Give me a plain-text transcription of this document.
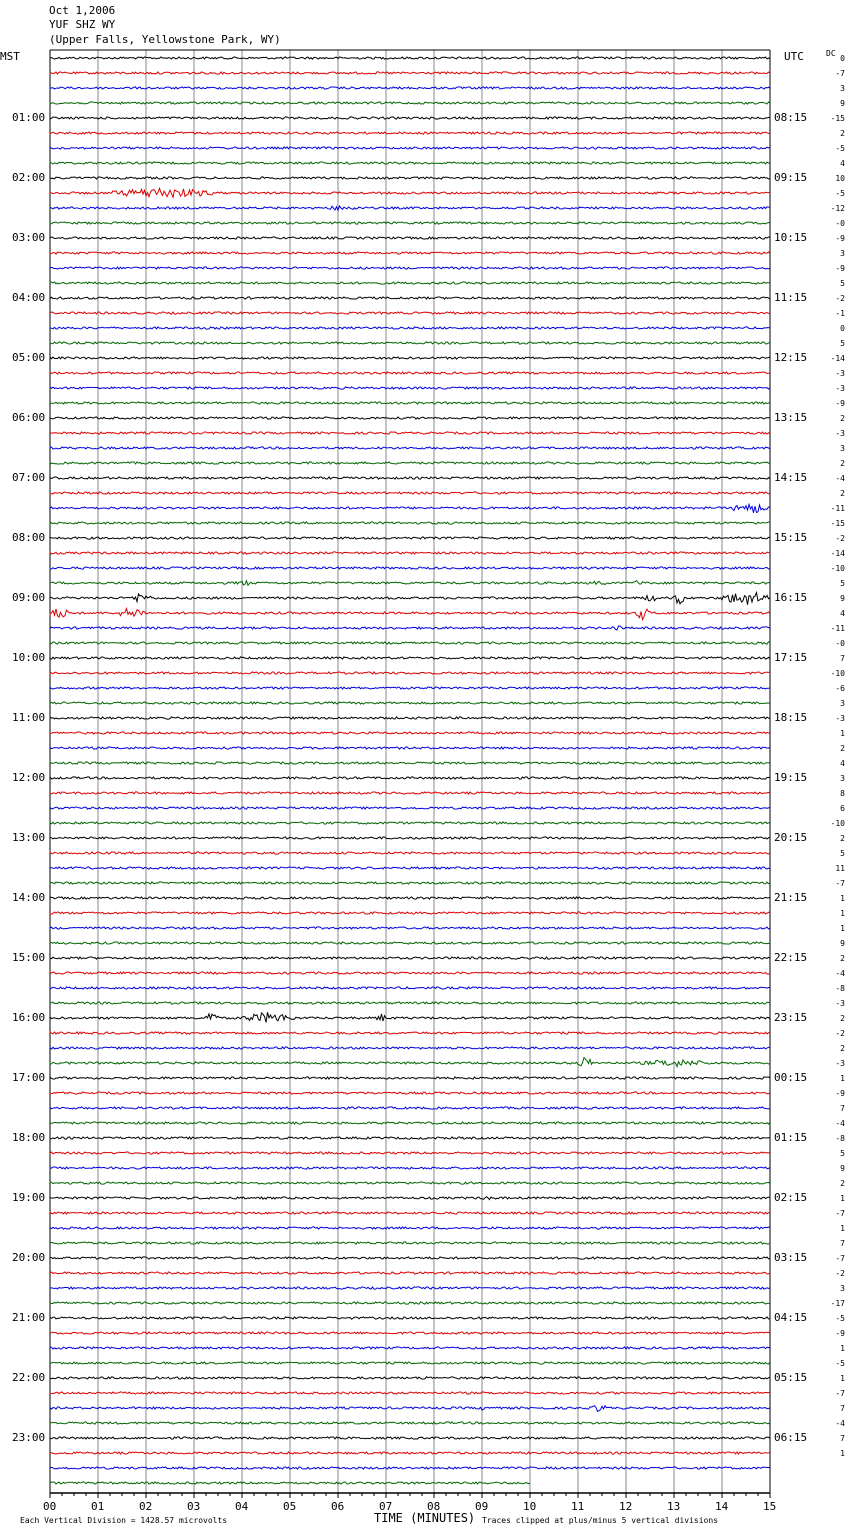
Oct 1,2006
YUF SHZ WY
(Upper Falls, Yellowstone Park, WY)
MST	UTC	DC
01:00
02:00
03:00
04:00
05:00
06:00
07:00
08:00
09:00
10:00
11:00
12:00
13:00
14:00
15:00
16:00
17:00
18:00
19:00
20:00
21:00
22:00
23:00
08:15
09:15
10:15
11:15
12:15
13:15
14:15
15:15
16:15
17:15
18:15
19:15
20:15
21:15
22:15
23:15
00:15
01:15
02:15
03:15
04:15
05:15
06:15
0
-7
3
9
-15
2
-5
4
10
-5
-12
-0
-9
3
-9
5
-2
-1
0
5
-14
-3
-3
-9
2
-3
3
2
-4
2
-11
-15
-2
-14
-10
5
9
4
-11
-0
7
-10
-6
3
-3
1
2
4
3
8
6
-10
2
5
11
-7
1
1
1
9
2
-4
-8
-3
2
-2
2
-3
1
-9
7
-4
-8
5
9
2
1
-7
1
7
-7
-2
3
-17
-5
-9
1
-5
1
-7
7
-4
7
1
00	01	02	03	04	05	06	07	08	09	10	11	12	13	14	15
TIME (MINUTES)
Each Vertical Division = 1428.57 microvolts	Traces clipped at plus/minus 5 vertical divisions
